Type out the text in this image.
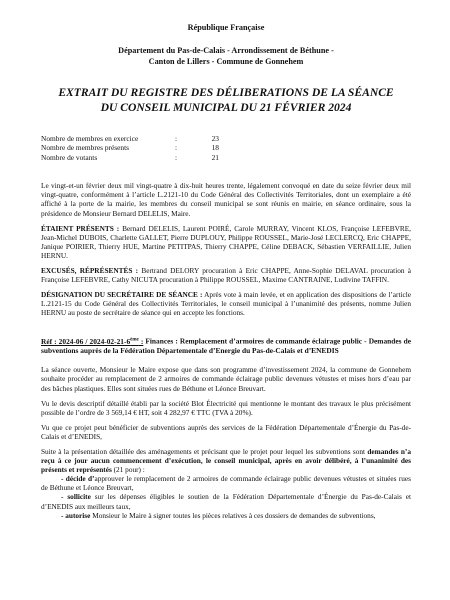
République Française
Département du Pas-de-Calais - Arrondissement de Béthune -
Canton de Lillers - Commune de Gonnehem
EXTRAIT DU REGISTRE DES DÉLIBERATIONS DE LA SÉANCE
DU CONSEIL MUNICIPAL DU 21 FÉVRIER 2024
Nombre de membres en exercice	:	23
Nombre de membres présents	:	18
Nombre de votants	:	21

Le vingt-et-un février deux mil vingt-quatre à dix-huit heures trente, légalement convoqué en date du seize février deux mil vingt-quatre, conformément à l’article L.2121-10 du Code Général des Collectivités Territoriales, dont un exemplaire a été affiché à la porte de la mairie, les membres du conseil municipal se sont réunis en mairie, en séance ordinaire, sous la présidence de Monsieur Bernard DELELIS, Maire.

ÉTAIENT PRÉSENTS : Bernard DELELIS, Laurent POIRÉ, Carole MURRAY, Vincent KLOS, Françoise LEFEBVRE, Jean-Michel DUBOIS, Charlette GALLET, Pierre DUPLOUY, Philippe ROUSSEL, Marie-José LECLERCQ, Eric CHAPPE, Janique POIRIER, Thierry HUE, Martine PETITPAS, Thierry CHAPPE, Céline DEBACK, Sébastien VERFAILLIE, Julien HERNU.

EXCUSÉS, RÉPRÉSENTÉS : Bertrand DELORY procuration à Eric CHAPPE, Anne-Sophie DELAVAL procuration à Françoise LEFEBVRE, Cathy NICUTA procuration à Philippe ROUSSEL, Maxime CANTRAINE, Ludivine TAFFIN.

DÉSIGNATION DU SECRÉTAIRE DE SÉANCE : Après vote à main levée, et en application des dispositions de l’article L.2121-15 du Code Général des Collectivités Territoriales, le conseil municipal à l’unanimité des présents, nomme Julien HERNU au poste de secrétaire de séance qui en accepte les fonctions.

Réf : 2024-06 / 2024-02-21-6ème : Finances : Remplacement d’armoires de commande éclairage public - Demandes de subventions auprès de la Fédération Départementale d’Energie du Pas-de-Calais et d’ENEDIS

La séance ouverte, Monsieur le Maire expose que dans son programme d’investissement 2024, la commune de Gonnehem souhaite procéder au remplacement de 2 armoires de commande éclairage public devenues vétustes et mises hors d’eau par des bâches plastiques. Elles sont situées rues de Béthune et Léonce Breuvart.

Vu le devis descriptif détaillé établi par la société Blot Électricité qui mentionne le montant des travaux le plus précisément possible de l’ordre de 3 569,14 € HT, soit 4 282,97 € TTC (TVA à 20%).

Vu que ce projet peut bénéficier de subventions auprès des services de la Fédération Départementale d’Énergie du Pas-de-Calais et d’ENEDIS,

Suite à la présentation détaillée des aménagements et précisant que le projet pour lequel les subventions sont demandes n’a reçu à ce jour aucun commencement d’exécution, le conseil municipal, après en avoir délibéré, à l’unanimité des présents et représentés (21 pour) :

- décide d’approuver le remplacement de 2 armoires de commande éclairage public devenues vétustes et situées rues de Béthune et Léonce Breuvart,

- sollicite sur les dépenses éligibles le soutien de la Fédération Départementale d’Énergie du Pas-de-Calais et d’ENEDIS aux meilleurs taux,

- autorise Monsieur le Maire à signer toutes les pièces relatives à ces dossiers de demandes de subventions,
